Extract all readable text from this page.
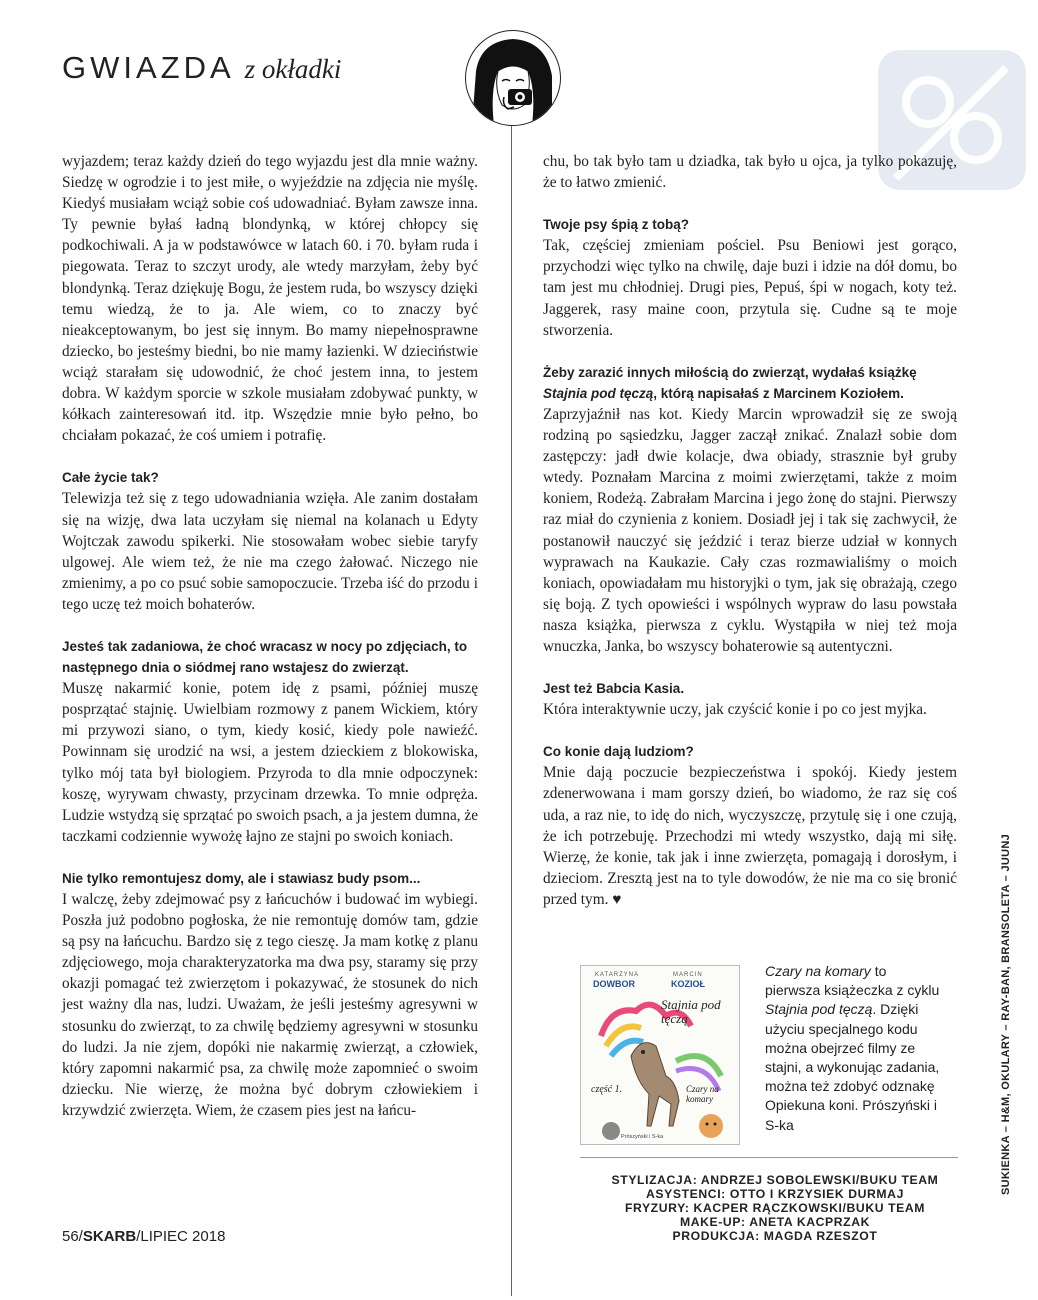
GWIAZDA z okładki

wyjazdem; teraz każdy dzień do tego wyjazdu jest dla mnie ważny. Siedzę w ogrodzie i to jest miłe, o wyjeździe na zdjęcia nie myślę. Kiedyś musiałam wciąż sobie coś udowadniać. Byłam zawsze inna. Ty pewnie byłaś ładną blondynką, w której chłopcy się podkochiwali. A ja w podstawówce w latach 60. i 70. byłam ruda i piegowata. Teraz to szczyt urody, ale wtedy marzyłam, żeby być blondynką. Teraz dziękuję Bogu, że jestem ruda, bo wszyscy dzięki temu wiedzą, że to ja. Ale wiem, co to znaczy być nieakceptowanym, bo jest się innym. Bo mamy niepełnosprawne dziecko, bo jesteśmy biedni, bo nie mamy łazienki. W dzieciństwie wciąż starałam się udowodnić, że choć jestem inna, to jestem dobra. W każdym sporcie w szkole musiałam zdobywać punkty, w kółkach zainteresowań itd. itp. Wszędzie mnie było pełno, bo chciałam pokazać, że coś umiem i potrafię.

Całe życie tak?

Telewizja też się z tego udowadniania wzięła. Ale zanim dostałam się na wizję, dwa lata uczyłam się niemal na kolanach u Edyty Wojtczak zawodu spikerki. Nie stosowałam wobec siebie taryfy ulgowej. Ale wiem też, że nie ma czego żałować. Niczego nie zmienimy, a po co psuć sobie samopoczucie. Trzeba iść do przodu i tego uczę też moich bohaterów.

Jesteś tak zadaniowa, że choć wracasz w nocy po zdjęciach, to następnego dnia o siódmej rano wstajesz do zwierząt.

Muszę nakarmić konie, potem idę z psami, później muszę posprzątać stajnię. Uwielbiam rozmowy z panem Wickiem, który mi przywozi siano, o tym, kiedy kosić, kiedy pole nawieźć. Powinnam się urodzić na wsi, a jestem dzieckiem z blokowiska, tylko mój tata był biologiem. Przyroda to dla mnie odpoczynek: koszę, wyrywam chwasty, przycinam drzewka. To mnie odpręża. Ludzie wstydzą się sprzątać po swoich psach, a ja jestem dumna, że taczkami codziennie wywożę łajno ze stajni po swoich koniach.

Nie tylko remontujesz domy, ale i stawiasz budy psom...

I walczę, żeby zdejmować psy z łańcuchów i budować im wybiegi. Poszła już podobno pogłoska, że nie remontuję domów tam, gdzie są psy na łańcuchu. Bardzo się z tego cieszę. Ja mam kotkę z planu zdjęciowego, moja charakteryzatorka ma dwa psy, staramy się przy okazji pomagać też zwierzętom i pokazywać, że stosunek do nich jest ważny dla nas, ludzi. Uważam, że jeśli jesteśmy agresywni w stosunku do zwierząt, to za chwilę będziemy agresywni w stosunku do ludzi. Ja nie zjem, dopóki nie nakarmię zwierząt, a człowiek, który zapomni nakarmić psa, za chwilę może zapomnieć o swoim dziecku. Nie wierzę, że można być dobrym człowiekiem i krzywdzić zwierzęta. Wiem, że czasem pies jest na łańcu-

chu, bo tak było tam u dziadka, tak było u ojca, ja tylko pokazuję, że to łatwo zmienić.

Twoje psy śpią z tobą?

Tak, częściej zmieniam pościel. Psu Beniowi jest gorąco, przychodzi więc tylko na chwilę, daje buzi i idzie na dół domu, bo tam jest mu chłodniej. Drugi pies, Pepuś, śpi w nogach, koty też. Jaggerek, rasy maine coon, przytula się. Cudne są te moje stworzenia.

Żeby zarazić innych miłością do zwierząt, wydałaś książkę Stajnia pod tęczą, którą napisałaś z Marcinem Koziołem.

Zaprzyjaźnił nas kot. Kiedy Marcin wprowadził się ze swoją rodziną po sąsiedzku, Jagger zaczął znikać. Znalazł sobie dom zastępczy: jadł dwie kolacje, dwa obiady, strasznie był gruby wtedy. Poznałam Marcina z moimi zwierzętami, także z moim koniem, Rodeżą. Zabrałam Marcina i jego żonę do stajni. Pierwszy raz miał do czynienia z koniem. Dosiadł jej i tak się zachwycił, że postanowił nauczyć się jeździć i teraz bierze udział w konnych wyprawach na Kaukazie. Cały czas rozmawialiśmy o moich koniach, opowiadałam mu historyjki o tym, jak się obrażają, czego się boją. Z tych opowieści i wspólnych wypraw do lasu powstała nasza książka, pierwsza z cyklu. Wystąpiła w niej też moja wnuczka, Janka, bo wszyscy bohaterowie są autentyczni.

Jest też Babcia Kasia.

Która interaktywnie uczy, jak czyścić konie i po co jest myjka.

Co konie dają ludziom?

Mnie dają poczucie bezpieczeństwa i spokój. Kiedy jestem zdenerwowana i mam gorszy dzień, bo wiadomo, że raz się coś uda, a raz nie, to idę do nich, wyczyszczę, przytulę się i one czują, że ich potrzebuję. Przechodzi mi wtedy wszystko, dają mi siłę. Wierzę, że konie, tak jak i inne zwierzęta, pomagają i dorosłym, i dzieciom. Zresztą jest na to tyle dowodów, że nie ma co się bronić przed tym. ♥

KATARZYNA
DOWBOR
MARCIN
KOZIOŁ
Stajnia pod tęczą
część 1.	Czary na komary
Prószyński i S-ka
Czary na komary to pierwsza książeczka z cyklu Stajnia pod tęczą. Dzięki użyciu specjalnego kodu można obejrzeć filmy ze stajni, a wykonując zadania, można też zdobyć odznakę Opiekuna koni. Prószyński i S-ka
STYLIZACJA: ANDRZEJ SOBOLEWSKI/BUKU TEAM
ASYSTENCI: OTTO I KRZYSIEK DURMAJ
FRYZURY: KACPER RĄCZKOWSKI/BUKU TEAM
MAKE-UP: ANETA KACPRZAK
PRODUKCJA: MAGDA RZESZOT
56/SKARB/LIPIEC 2018
SUKIENKA – H&M, OKULARY – RAY-BAN, BRANSOLETA – JUUNJ
